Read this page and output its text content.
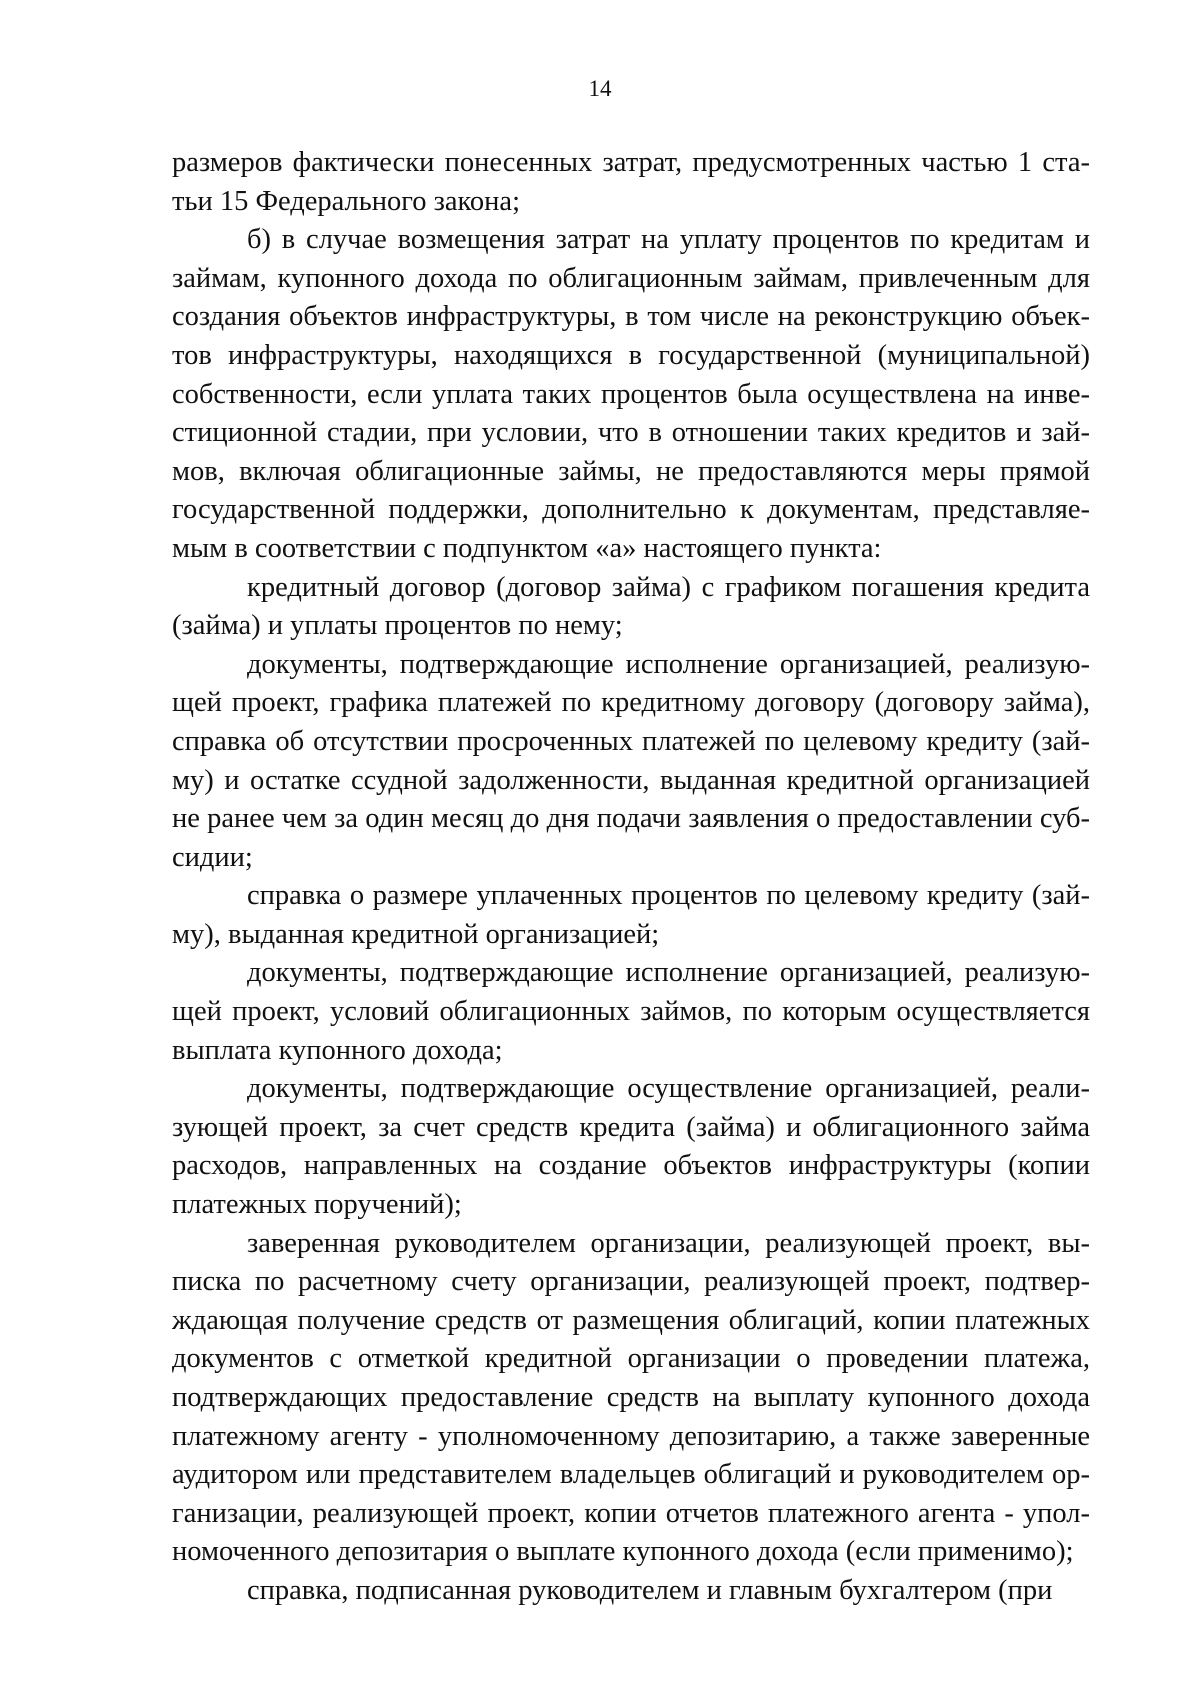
14
размеров фактически понесенных затрат, предусмотренных частью 1 ста-
тьи 15 Федерального закона;
б) в случае возмещения затрат на уплату процентов по кредитам и
займам, купонного дохода по облигационным займам, привлеченным для
создания объектов инфраструктуры, в том числе на реконструкцию объек-
тов инфраструктуры, находящихся в государственной (муниципальной)
собственности, если уплата таких процентов была осуществлена на инве-
стиционной стадии, при условии, что в отношении таких кредитов и зай-
мов, включая облигационные займы, не предоставляются меры прямой
государственной поддержки, дополнительно к документам, представляе-
мым в соответствии с подпунктом «а» настоящего пункта:
кредитный договор (договор займа) с графиком погашения кредита
(займа) и уплаты процентов по нему;
документы, подтверждающие исполнение организацией, реализую-
щей проект, графика платежей по кредитному договору (договору займа),
справка об отсутствии просроченных платежей по целевому кредиту (зай-
му) и остатке ссудной задолженности, выданная кредитной организацией
не ранее чем за один месяц до дня подачи заявления о предоставлении суб-
сидии;
справка о размере уплаченных процентов по целевому кредиту (зай-
му), выданная кредитной организацией;
документы, подтверждающие исполнение организацией, реализую-
щей проект, условий облигационных займов, по которым осуществляется
выплата купонного дохода;
документы, подтверждающие осуществление организацией, реали-
зующей проект, за счет средств кредита (займа) и облигационного займа
расходов, направленных на создание объектов инфраструктуры (копии
платежных поручений);
заверенная руководителем организации, реализующей проект, вы-
писка по расчетному счету организации, реализующей проект, подтвер-
ждающая получение средств от размещения облигаций, копии платежных
документов с отметкой кредитной организации о проведении платежа,
подтверждающих предоставление средств на выплату купонного дохода
платежному агенту - уполномоченному депозитарию, а также заверенные
аудитором или представителем владельцев облигаций и руководителем ор-
ганизации, реализующей проект, копии отчетов платежного агента - упол-
номоченного депозитария о выплате купонного дохода (если применимо);
справка, подписанная руководителем и главным бухгалтером (при
